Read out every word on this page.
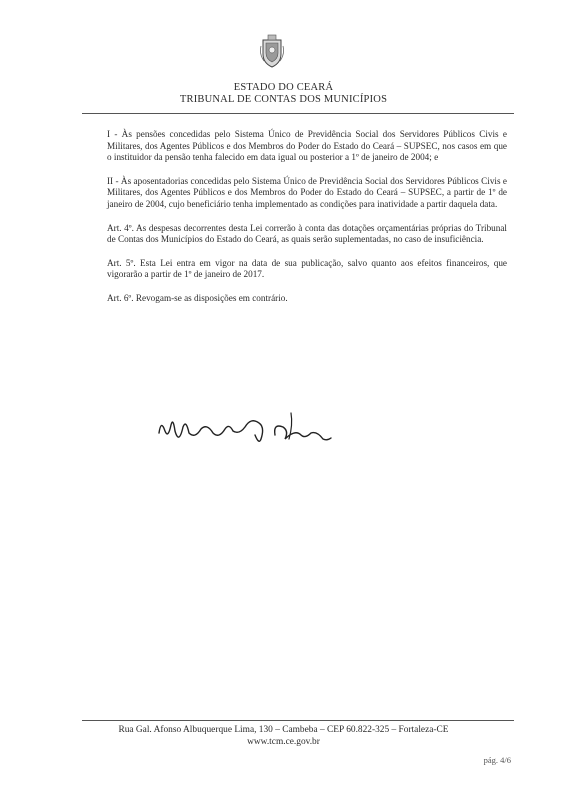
ESTADO DO CEARÁ
TRIBUNAL DE CONTAS DOS MUNICÍPIOS

I - Às pensões concedidas pelo Sistema Único de Previdência Social dos Servidores Públicos Civis e Militares, dos Agentes Públicos e dos Membros do Poder do Estado do Ceará – SUPSEC, nos casos em que o instituidor da pensão tenha falecido em data igual ou posterior a 1º de janeiro de 2004; e

II - Às aposentadorias concedidas pelo Sistema Único de Previdência Social dos Servidores Públicos Civis e Militares, dos Agentes Públicos e dos Membros do Poder do Estado do Ceará – SUPSEC, a partir de 1º de janeiro de 2004, cujo beneficiário tenha implementado as condições para inatividade a partir daquela data.

Art. 4º. As despesas decorrentes desta Lei correrão à conta das dotações orçamentárias próprias do Tribunal de Contas dos Municípios do Estado do Ceará, as quais serão suplementadas, no caso de insuficiência.

Art. 5º. Esta Lei entra em vigor na data de sua publicação, salvo quanto aos efeitos financeiros, que vigorarão a partir de 1º de janeiro de 2017.

Art. 6º. Revogam-se as disposições em contrário.

Rua Gal. Afonso Albuquerque Lima, 130 – Cambeba – CEP 60.822-325 – Fortaleza-CE
www.tcm.ce.gov.br
pág. 4/6
